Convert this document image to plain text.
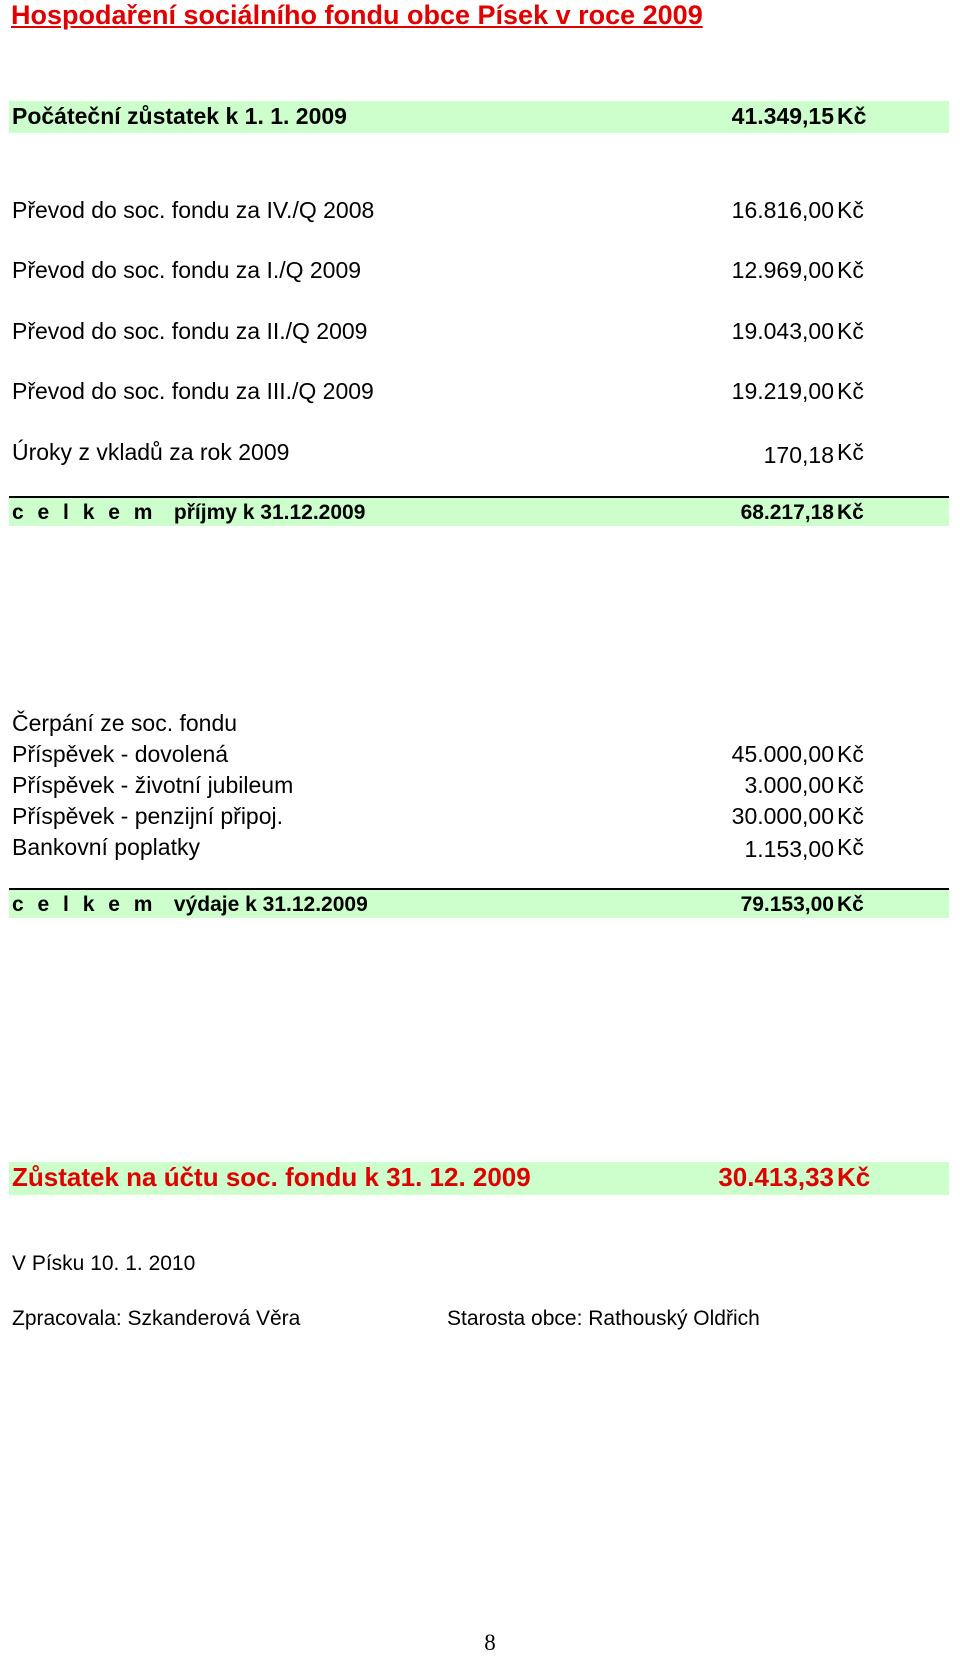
Hospodaření sociálního fondu obce Písek v roce 2009
Počáteční zůstatek k 1. 1. 2009	41.349,15 Kč
Převod do soc. fondu za IV./Q 2008	16.816,00 Kč
Převod do soc. fondu za I./Q 2009	12.969,00 Kč
Převod do soc. fondu za II./Q 2009	19.043,00 Kč
Převod do soc. fondu za III./Q 2009	19.219,00 Kč
Úroky z vkladů za rok 2009	170,18 Kč
c e l k e m příjmy k 31.12.2009	68.217,18 Kč
Čerpání ze soc. fondu
Příspěvek - dovolená	45.000,00 Kč
Příspěvek - životní jubileum	3.000,00 Kč
Příspěvek - penzijní připoj.	30.000,00 Kč
Bankovní poplatky	1.153,00 Kč
c e l k e m výdaje k 31.12.2009	79.153,00 Kč
Zůstatek na účtu soc. fondu k 31. 12. 2009	30.413,33 Kč
V Písku 10. 1. 2010
Zpracovala: Szkanderová Věra	Starosta obce: Rathouský Oldřich
8
